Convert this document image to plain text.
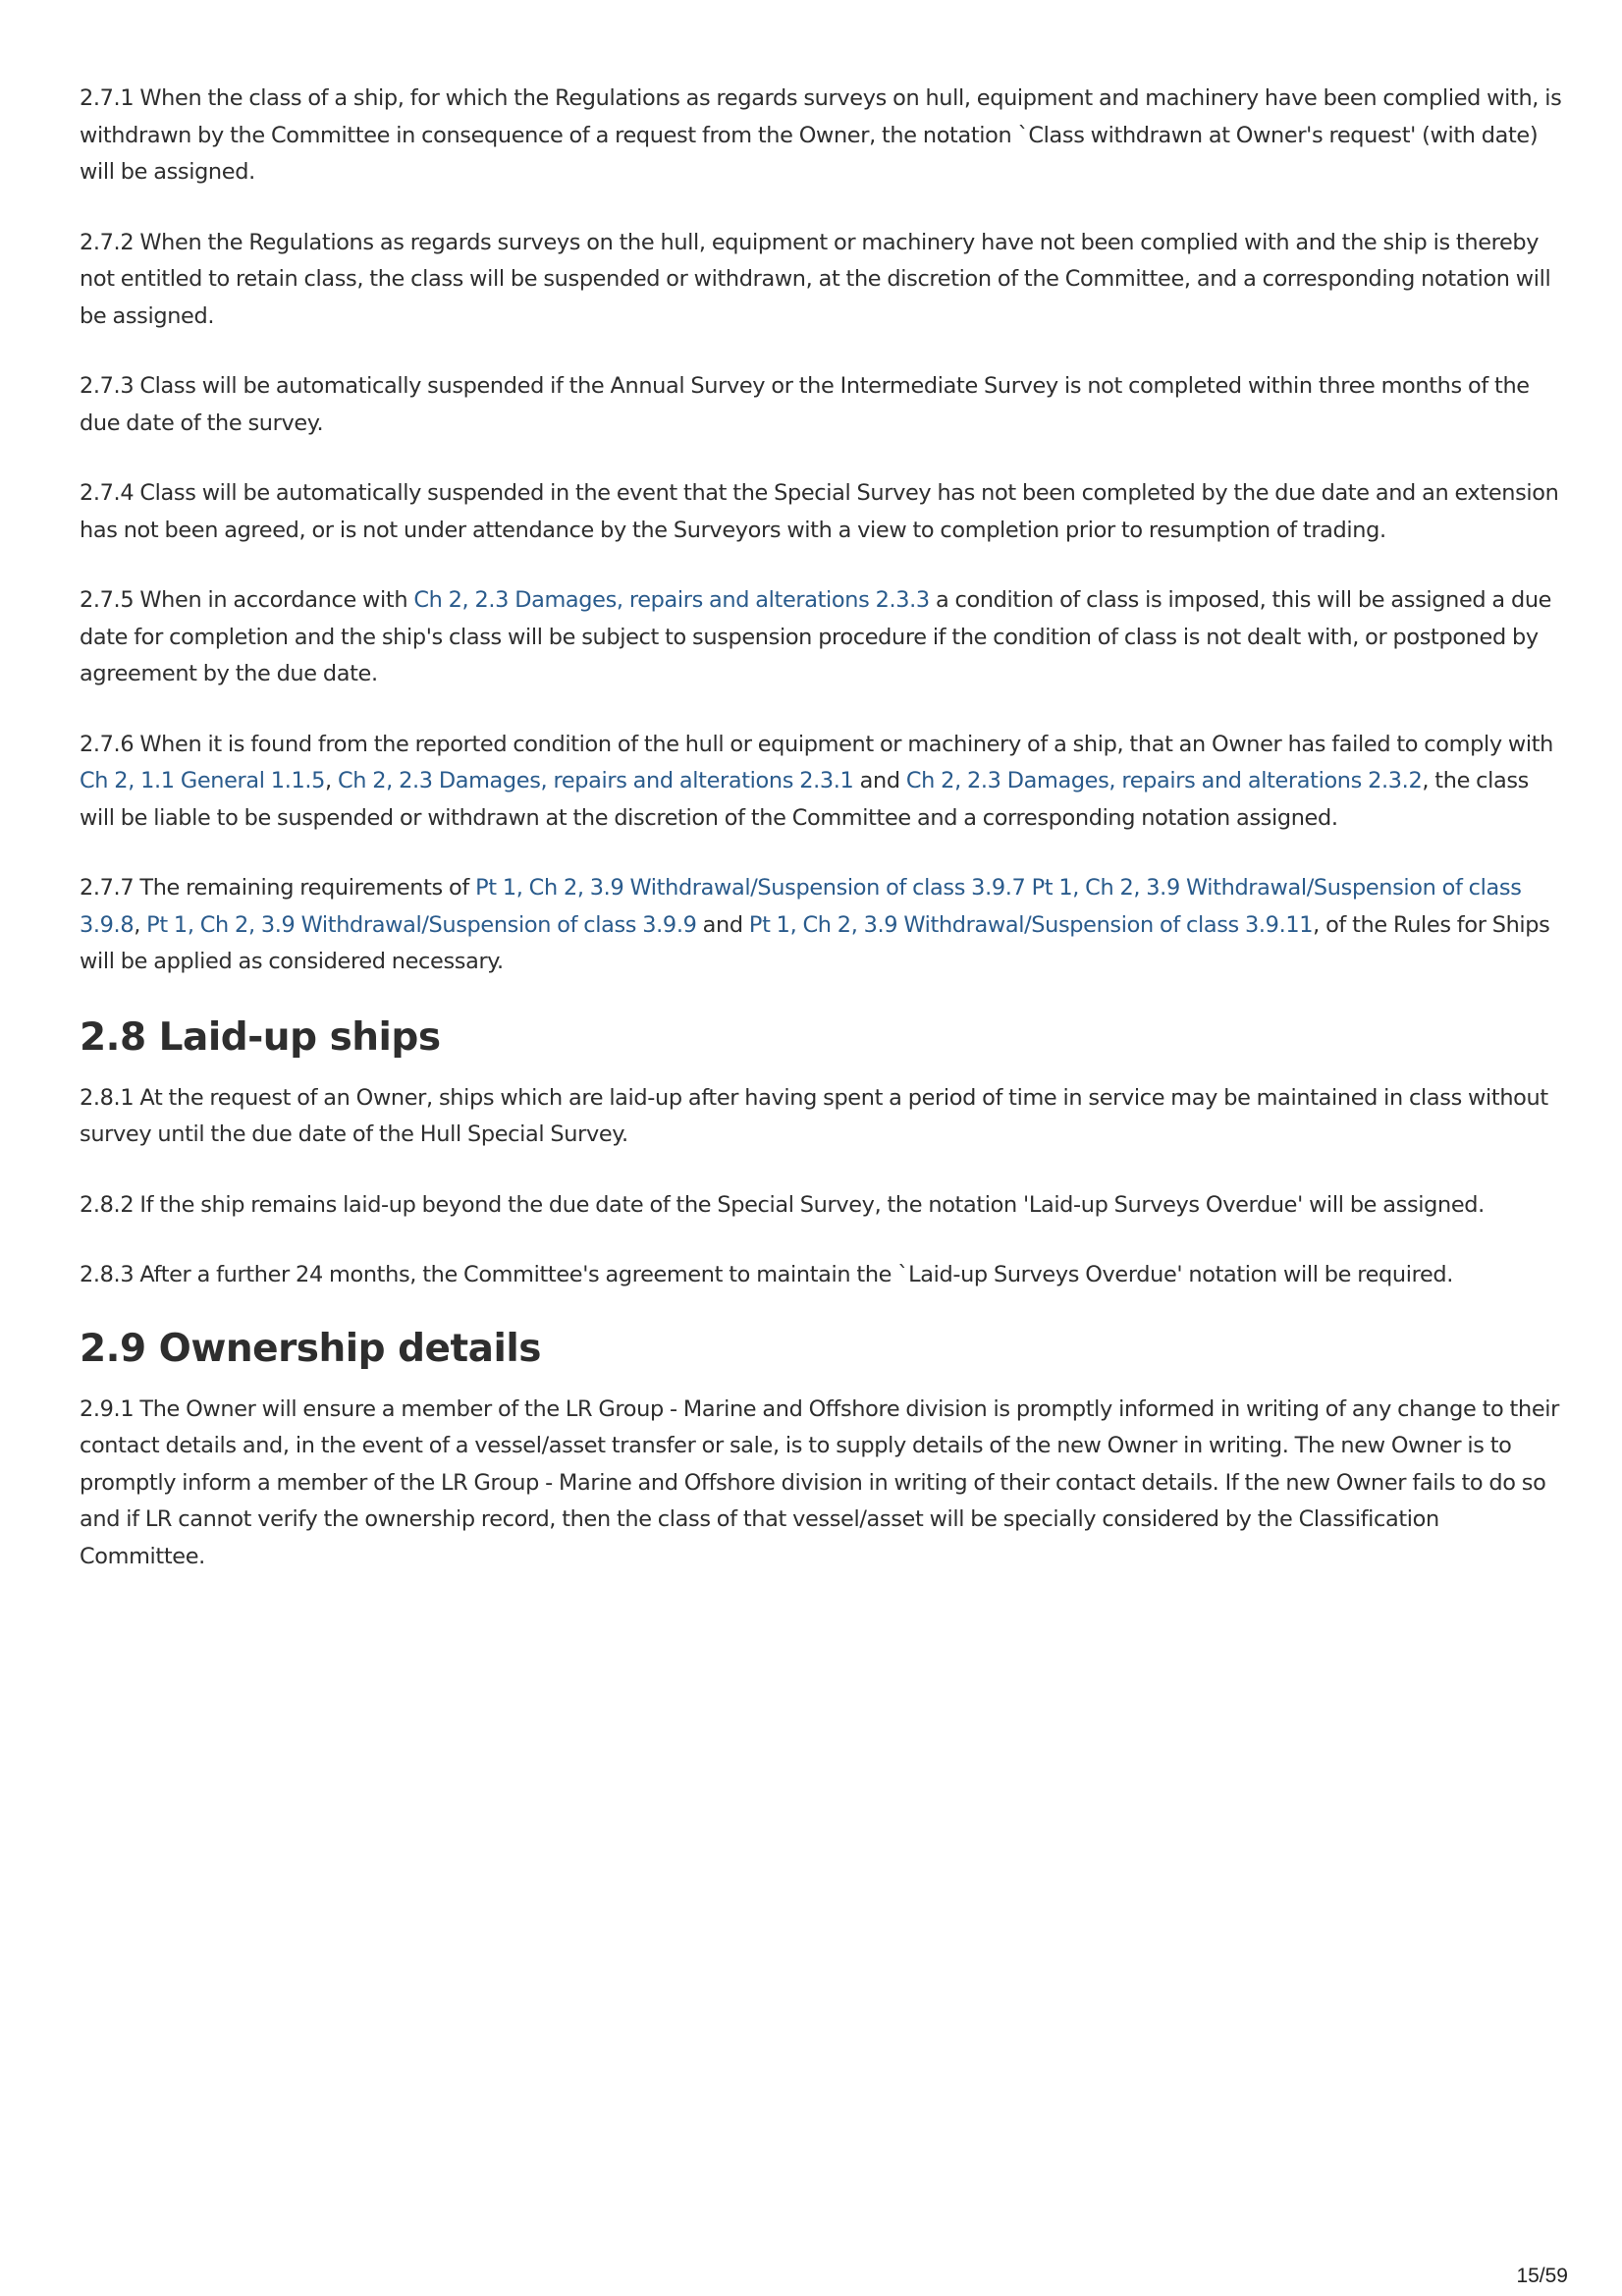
2.7.1 When the class of a ship, for which the Regulations as regards surveys on hull, equipment and machinery have been complied with, is withdrawn by the Committee in consequence of a request from the Owner, the notation `Class withdrawn at Owner's request' (with date) will be assigned.

2.7.2 When the Regulations as regards surveys on the hull, equipment or machinery have not been complied with and the ship is thereby not entitled to retain class, the class will be suspended or withdrawn, at the discretion of the Committee, and a corresponding notation will be assigned.

2.7.3 Class will be automatically suspended if the Annual Survey or the Intermediate Survey is not completed within three months of the due date of the survey.

2.7.4 Class will be automatically suspended in the event that the Special Survey has not been completed by the due date and an extension has not been agreed, or is not under attendance by the Surveyors with a view to completion prior to resumption of trading.

2.7.5 When in accordance with Ch 2, 2.3 Damages, repairs and alterations 2.3.3 a condition of class is imposed, this will be assigned a due date for completion and the ship's class will be subject to suspension procedure if the condition of class is not dealt with, or postponed by agreement by the due date.

2.7.6 When it is found from the reported condition of the hull or equipment or machinery of a ship, that an Owner has failed to comply with Ch 2, 1.1 General 1.1.5, Ch 2, 2.3 Damages, repairs and alterations 2.3.1 and Ch 2, 2.3 Damages, repairs and alterations 2.3.2, the class will be liable to be suspended or withdrawn at the discretion of the Committee and a corresponding notation assigned.

2.7.7 The remaining requirements of Pt 1, Ch 2, 3.9 Withdrawal/Suspension of class 3.9.7 Pt 1, Ch 2, 3.9 Withdrawal/Suspension of class 3.9.8, Pt 1, Ch 2, 3.9 Withdrawal/Suspension of class 3.9.9 and Pt 1, Ch 2, 3.9 Withdrawal/Suspension of class 3.9.11, of the Rules for Ships will be applied as considered necessary.

2.8 Laid-up ships

2.8.1 At the request of an Owner, ships which are laid-up after having spent a period of time in service may be maintained in class without survey until the due date of the Hull Special Survey.

2.8.2 If the ship remains laid-up beyond the due date of the Special Survey, the notation 'Laid-up Surveys Overdue' will be assigned.

2.8.3 After a further 24 months, the Committee's agreement to maintain the `Laid-up Surveys Overdue' notation will be required.

2.9 Ownership details

2.9.1 The Owner will ensure a member of the LR Group - Marine and Offshore division is promptly informed in writing of any change to their contact details and, in the event of a vessel/asset transfer or sale, is to supply details of the new Owner in writing. The new Owner is to promptly inform a member of the LR Group - Marine and Offshore division in writing of their contact details. If the new Owner fails to do so and if LR cannot verify the ownership record, then the class of that vessel/asset will be specially considered by the Classification Committee.

15/59
